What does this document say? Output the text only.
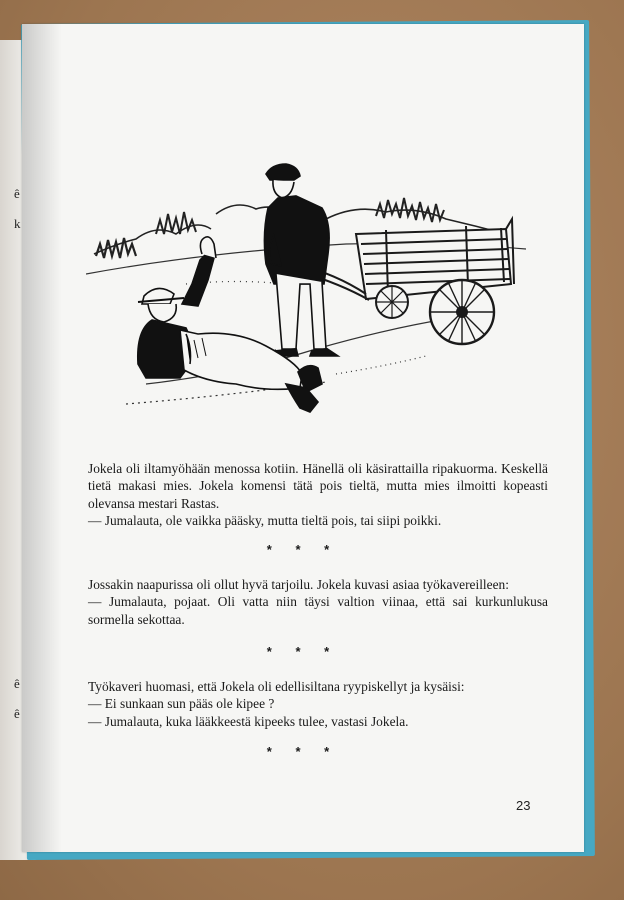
ê
k
ê
ê

Jokela oli iltamyöhään menossa kotiin. Hänellä oli käsirattailla ripakuorma. Keskellä tietä makasi mies. Jokela komensi tätä pois tieltä, mutta mies ilmoitti kopeasti olevansa mestari Rastas.

— Jumalauta, ole vaikka pääsky, mutta tieltä pois, tai siipi poikki.

* * *

Jossakin naapurissa oli ollut hyvä tarjoilu. Jokela kuvasi asiaa työkavereilleen:

— Jumalauta, pojaat. Oli vatta niin täysi valtion viinaa, että sai kurkunlukusa sormella sekottaa.

* * *

Työkaveri huomasi, että Jokela oli edellisiltana ryypiskellyt ja kysäisi:

— Ei sunkaan sun pääs ole kipee ?

— Jumalauta, kuka lääkkeestä kipeeks tulee, vastasi Jokela.

* * *
23
